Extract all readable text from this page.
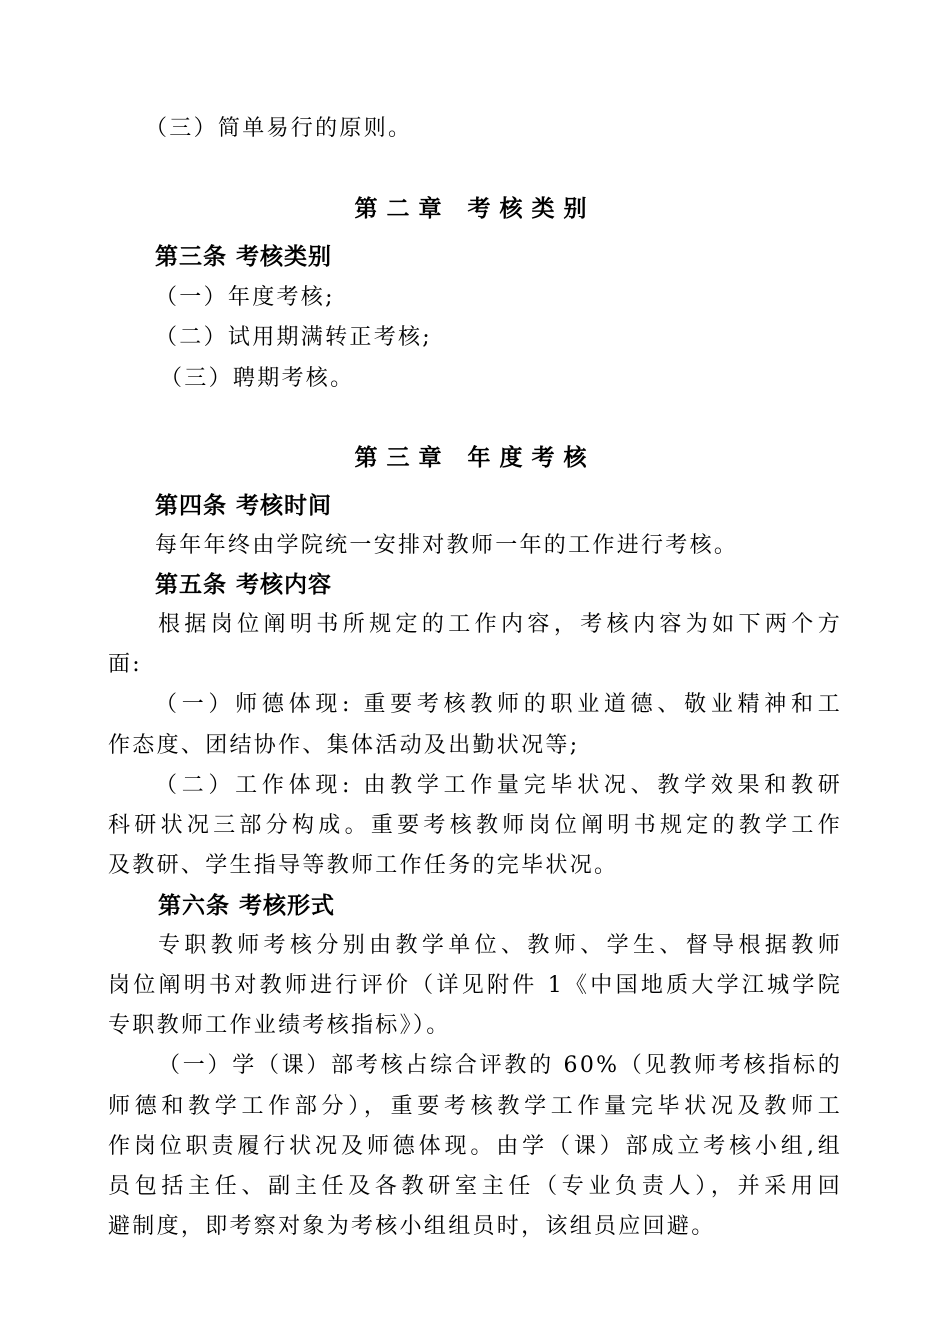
（三）简单易行的原则。

第二章 考核类别

第三条 考核类别

（一）年度考核;

（二）试用期满转正考核;

（三）聘期考核。

第三章 年度考核

第四条 考核时间

每年年终由学院统一安排对教师一年的工作进行考核。

第五条 考核内容

根据岗位阐明书所规定的工作内容，考核内容为如下两个方

面:

（一）师德体现: 重要考核教师的职业道德、敬业精神和工

作态度、团结协作、集体活动及出勤状况等;

（二）工作体现: 由教学工作量完毕状况、教学效果和教研

科研状况三部分构成。重要考核教师岗位阐明书规定的教学工作

及教研、学生指导等教师工作任务的完毕状况。

第六条 考核形式

专职教师考核分别由教学单位、教师、学生、督导根据教师

岗位阐明书对教师进行评价（详见附件 1《中国地质大学江城学院

专职教师工作业绩考核指标》）。

（一）学（课）部考核占综合评教的 60%（见教师考核指标的

师德和教学工作部分），重要考核教学工作量完毕状况及教师工

作岗位职责履行状况及师德体现。由学（课）部成立考核小组,组

员包括主任、副主任及各教研室主任（专业负责人），并采用回

避制度，即考察对象为考核小组组员时，该组员应回避。
